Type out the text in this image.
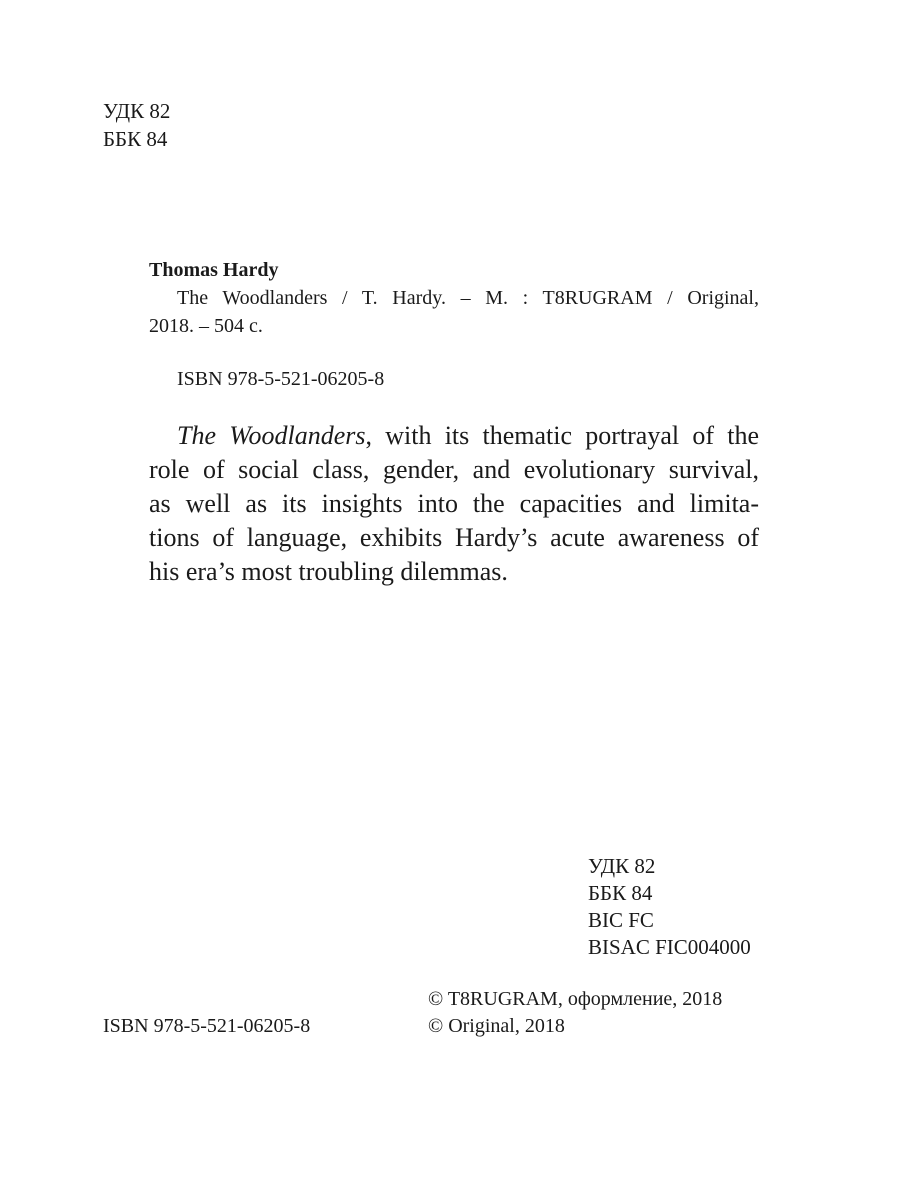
УДК 82
ББК 84
Thomas Hardy
The Woodlanders / T. Hardy. – M. : T8RUGRAM / Original,
2018. – 504 с.
ISBN 978-5-521-06205-8
The Woodlanders, with its thematic portrayal of the
role of social class, gender, and evolutionary survival,
as well as its insights into the capacities and limita-
tions of language, exhibits Hardy’s acute awareness of
his era’s most troubling dilemmas.
УДК 82
ББК 84
BIC FC
BISAC FIC004000
© T8RUGRAM, оформление, 2018
© Original, 2018
ISBN 978-5-521-06205-8
